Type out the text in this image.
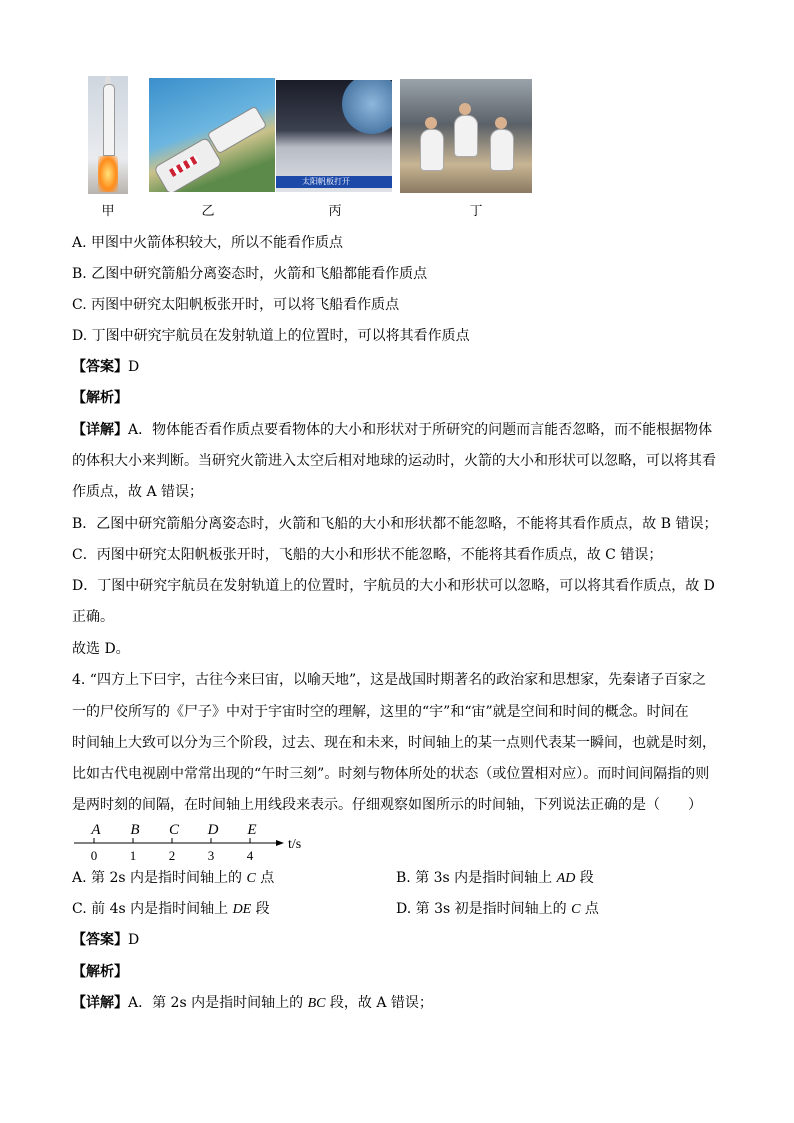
太阳帆板打开
甲	乙	丙	丁
A. 甲图中火箭体积较大，所以不能看作质点
B. 乙图中研究箭船分离姿态时，火箭和飞船都能看作质点
C. 丙图中研究太阳帆板张开时，可以将飞船看作质点
D. 丁图中研究宇航员在发射轨道上的位置时，可以将其看作质点
【答案】D
【解析】
【详解】A．物体能否看作质点要看物体的大小和形状对于所研究的问题而言能否忽略，而不能根据物体
的体积大小来判断。当研究火箭进入太空后相对地球的运动时，火箭的大小和形状可以忽略，可以将其看
作质点，故 A 错误；
B．乙图中研究箭船分离姿态时，火箭和飞船的大小和形状都不能忽略，不能将其看作质点，故 B 错误；
C．丙图中研究太阳帆板张开时，飞船的大小和形状不能忽略，不能将其看作质点，故 C 错误；
D．丁图中研究宇航员在发射轨道上的位置时，宇航员的大小和形状可以忽略，可以将其看作质点，故 D
正确。
故选 D。
4. “四方上下曰宇，古往今来曰宙，以喻天地”，这是战国时期著名的政治家和思想家，先秦诸子百家之
一的尸佼所写的《尸子》中对于宇宙时空的理解，这里的“宇”和“宙”就是空间和时间的概念。时间在
时间轴上大致可以分为三个阶段，过去、现在和未来，时间轴上的某一点则代表某一瞬间，也就是时刻，
比如古代电视剧中常常出现的“午时三刻”。时刻与物体所处的状态（或位置相对应）。而时间间隔指的则
是两时刻的间隔，在时间轴上用线段来表示。仔细观察如图所示的时间轴，下列说法正确的是（　　）
0
A
1
B
2
C
3
D
4
E
t/s
A. 第 2s 内是指时间轴上的 C 点	B. 第 3s 内是指时间轴上 AD 段
C. 前 4s 内是指时间轴上 DE 段	D. 第 3s 初是指时间轴上的 C 点
【答案】D
【解析】
【详解】A．第 2s 内是指时间轴上的 BC 段，故 A 错误；
